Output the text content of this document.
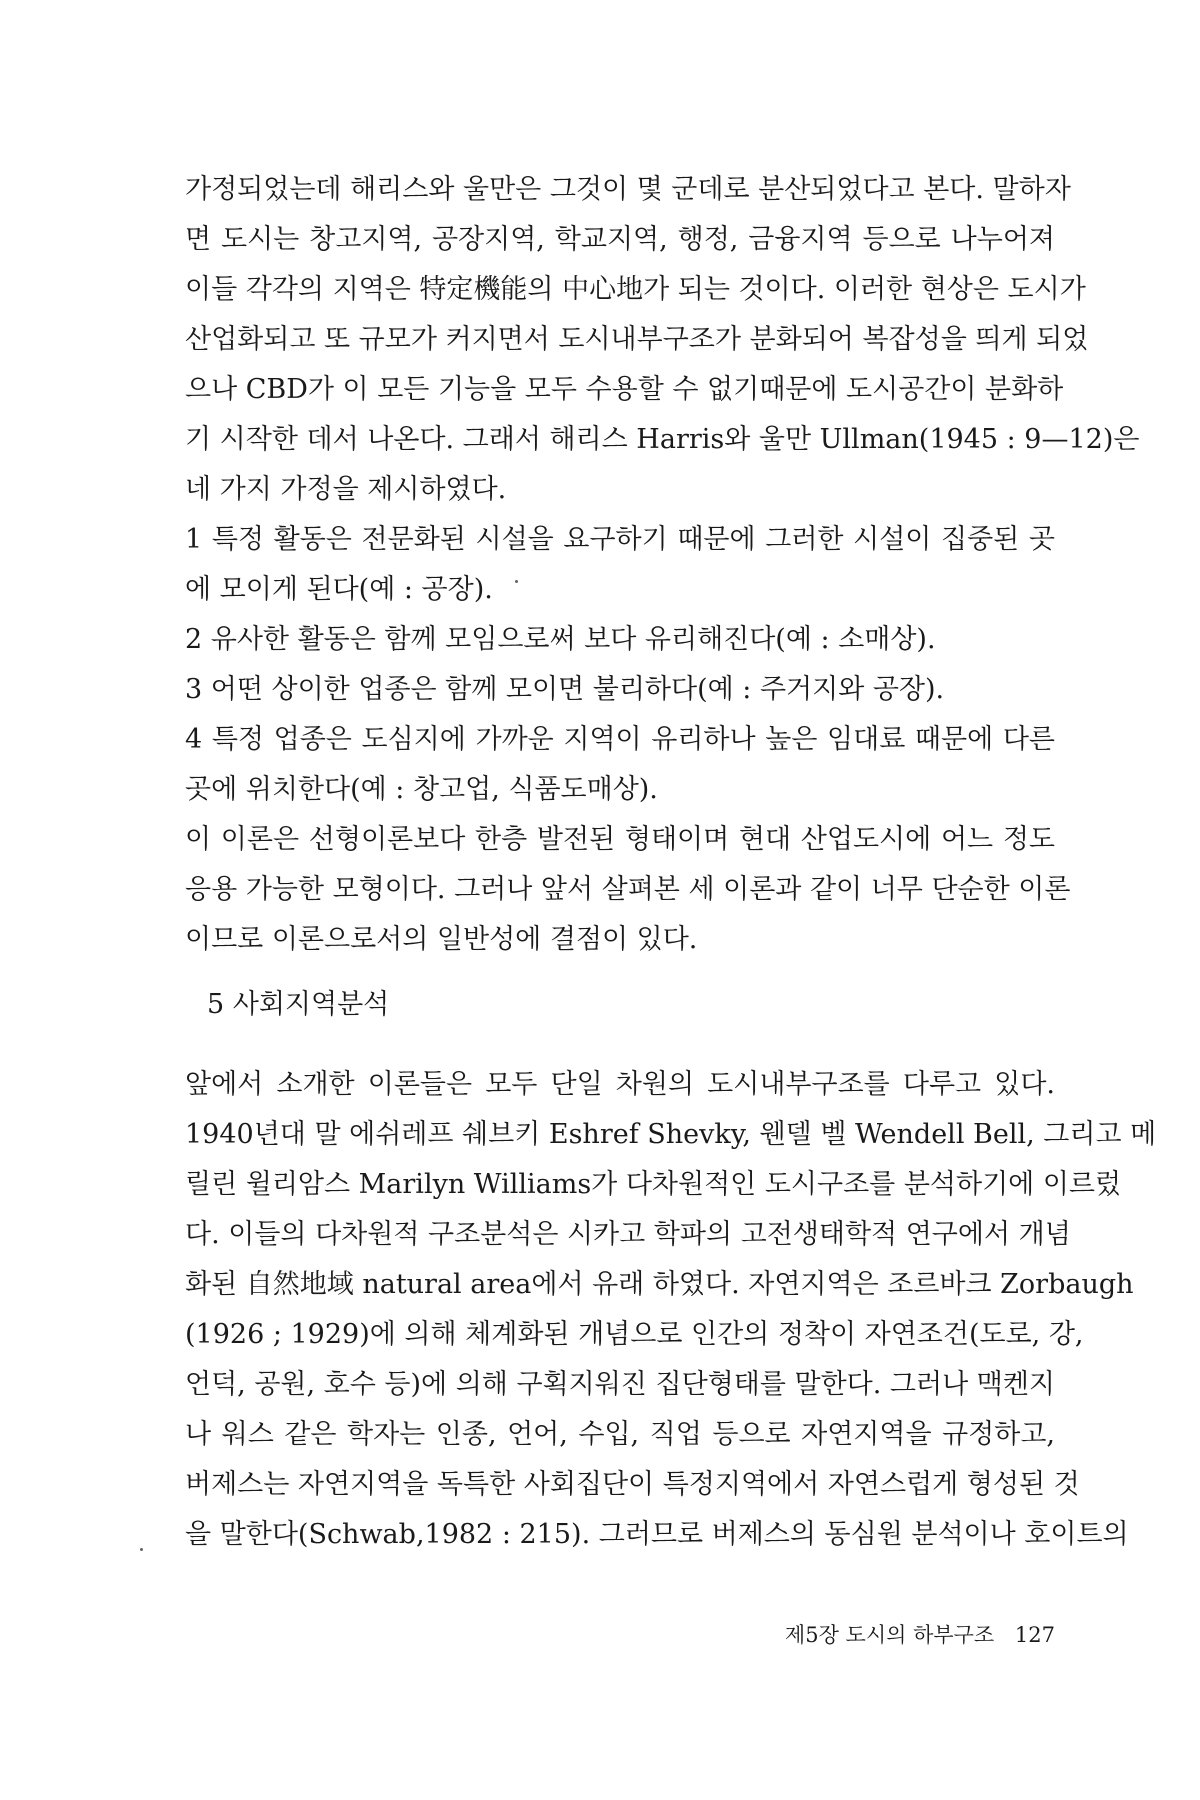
가정되었는데 해리스와 울만은 그것이 몇 군데로 분산되었다고 본다. 말하자
면 도시는 창고지역, 공장지역, 학교지역, 행정, 금융지역 등으로 나누어져
이들 각각의 지역은 特定機能의 中心地가 되는 것이다. 이러한 현상은 도시가
산업화되고 또 규모가 커지면서 도시내부구조가 분화되어 복잡성을 띄게 되었
으나 CBD가 이 모든 기능을 모두 수용할 수 없기때문에 도시공간이 분화하
기 시작한 데서 나온다. 그래서 해리스 Harris와 울만 Ullman(1945 : 9—12)은
네 가지 가정을 제시하였다.
1 특정 활동은 전문화된 시설을 요구하기 때문에 그러한 시설이 집중된 곳
에 모이게 된다(예 : 공장).
2 유사한 활동은 함께 모임으로써 보다 유리해진다(예 : 소매상).
3 어떤 상이한 업종은 함께 모이면 불리하다(예 : 주거지와 공장).
4 특정 업종은 도심지에 가까운 지역이 유리하나 높은 임대료 때문에 다른
곳에 위치한다(예 : 창고업, 식품도매상).
이 이론은 선형이론보다 한층 발전된 형태이며 현대 산업도시에 어느 정도
응용 가능한 모형이다. 그러나 앞서 살펴본 세 이론과 같이 너무 단순한 이론
이므로 이론으로서의 일반성에 결점이 있다.
5 사회지역분석
앞에서 소개한 이론들은 모두 단일 차원의 도시내부구조를 다루고 있다.
1940년대 말 에쉬레프 쉐브키 Eshref Shevky, 웬델 벨 Wendell Bell, 그리고 메
릴린 윌리암스 Marilyn Williams가 다차원적인 도시구조를 분석하기에 이르렀
다. 이들의 다차원적 구조분석은 시카고 학파의 고전생태학적 연구에서 개념
화된 自然地域 natural area에서 유래 하였다. 자연지역은 조르바크 Zorbaugh
(1926 ; 1929)에 의해 체계화된 개념으로 인간의 정착이 자연조건(도로, 강,
언덕, 공원, 호수 등)에 의해 구획지워진 집단형태를 말한다. 그러나 맥켄지
나 워스 같은 학자는 인종, 언어, 수입, 직업 등으로 자연지역을 규정하고,
버제스는 자연지역을 독특한 사회집단이 특정지역에서 자연스럽게 형성된 것
을 말한다(Schwab,1982 : 215). 그러므로 버제스의 동심원 분석이나 호이트의
제5장 도시의 하부구조 127
